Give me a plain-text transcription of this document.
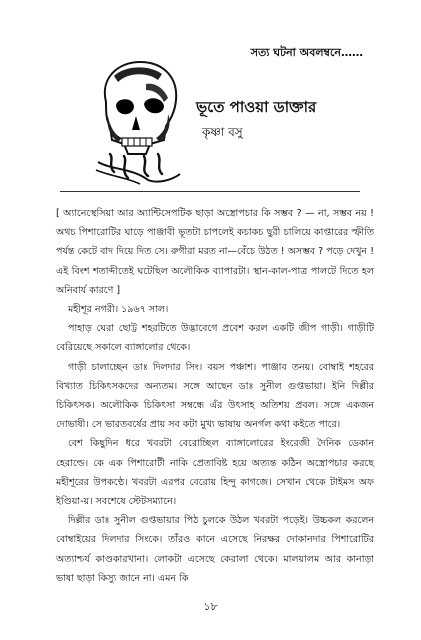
সত্য ঘটনা অবলম্বনে……
ভূতে পাওয়া ডাক্তার
কৃষ্ণা বসু

[ অ্যানেস্থেসিয়া আর অ্যান্টিসেপটিক ছাড়া অস্ত্রোপচার কি সম্ভব ? — না, সম্ভব নয় ! অথচ পিশারোটির ঘাড়ে পাঞ্জাবী ভূতটা চাপলেই কচাকচ ছুরী চালিয়ে কাপ্তারের স্ফীতি পর্যন্ত কেটে বাদ দিয়ে দিত সে। রুগীরা মরত না—বেঁচে উঠত ! অসম্ভব ? পড়ে দেখুন ! এই বিংশ শতাব্দীতেই ঘটেছিল অলৌকিক ব্যাপারটা। স্থান-কাল-পাত্র পালটে দিতে হল অনিবার্য কারণে ]

মহীশূর নগরী। ১৯৬৭ সাল।

পাহাড় ঘেরা ছোট্ট শহরটিতে উদ্ভাবেগে প্রবেশ করল একটি জীপ গাড়ী। গাড়ীটি বেরিয়েছে সকালে ব্যাঙ্গালোর থেকে।

গাড়ী চালাচ্ছেন ডাঃ দিলদার সিং। বয়স পঞ্চাশ। পাঞ্জাব তনয়। বোম্বাই শহরের বিখ্যাত চিকিৎসকদের অন্যতম। সঙ্গে আছেন ডাঃ সুনীল গুপ্তভায়া। ইনি দিল্লীর চিকিৎসক। অলৌকিক চিকিৎসা সম্বন্ধে এঁর উৎসাহ অতিশয় প্রবল। সঙ্গে একজন দোভাষী। সে ভারতবর্ষের প্রায় সব কটা মুখ্য ভাষায় অনর্গল কথা কইতে পারে।

বেশ কিছুদিন ধরে খবরটা বেরোচ্ছিল ব্যাঙ্গালোরের ইংরেজী দৈনিক ডেকান হেরাল্ডে। কে এক পিশারোটী নাকি প্রেতাবিষ্ট হয়ে অত্যন্ত কঠিন অস্ত্রোপচার করছে মহীশূরের উপকণ্ঠে। খবরটা এরপর বেরোয় হিন্দু কাগজে। সেখান থেকে টাইমস অফ ইণ্ডিয়া-য়। সবশেষে স্টেটসম্যানে।

দিল্লীর ডাঃ সুনীল গুপ্তভায়ার পিঠ চুলকে উঠল খবরটা পড়েই। উচ্চকল করলেন বোম্বাইয়ের দিলদার সিংকে। তাঁরও কানে এসেছে নিরক্ষর দোকানদার পিশারোটির অত্যাশ্চর্য কাণ্ডকারখানা। লোকটা এসেছে কেরালা থেকে। মালয়ালম আর কানাড়া ভাষা ছাড়া কিস্যু জানে না। এমন কি

১৮
